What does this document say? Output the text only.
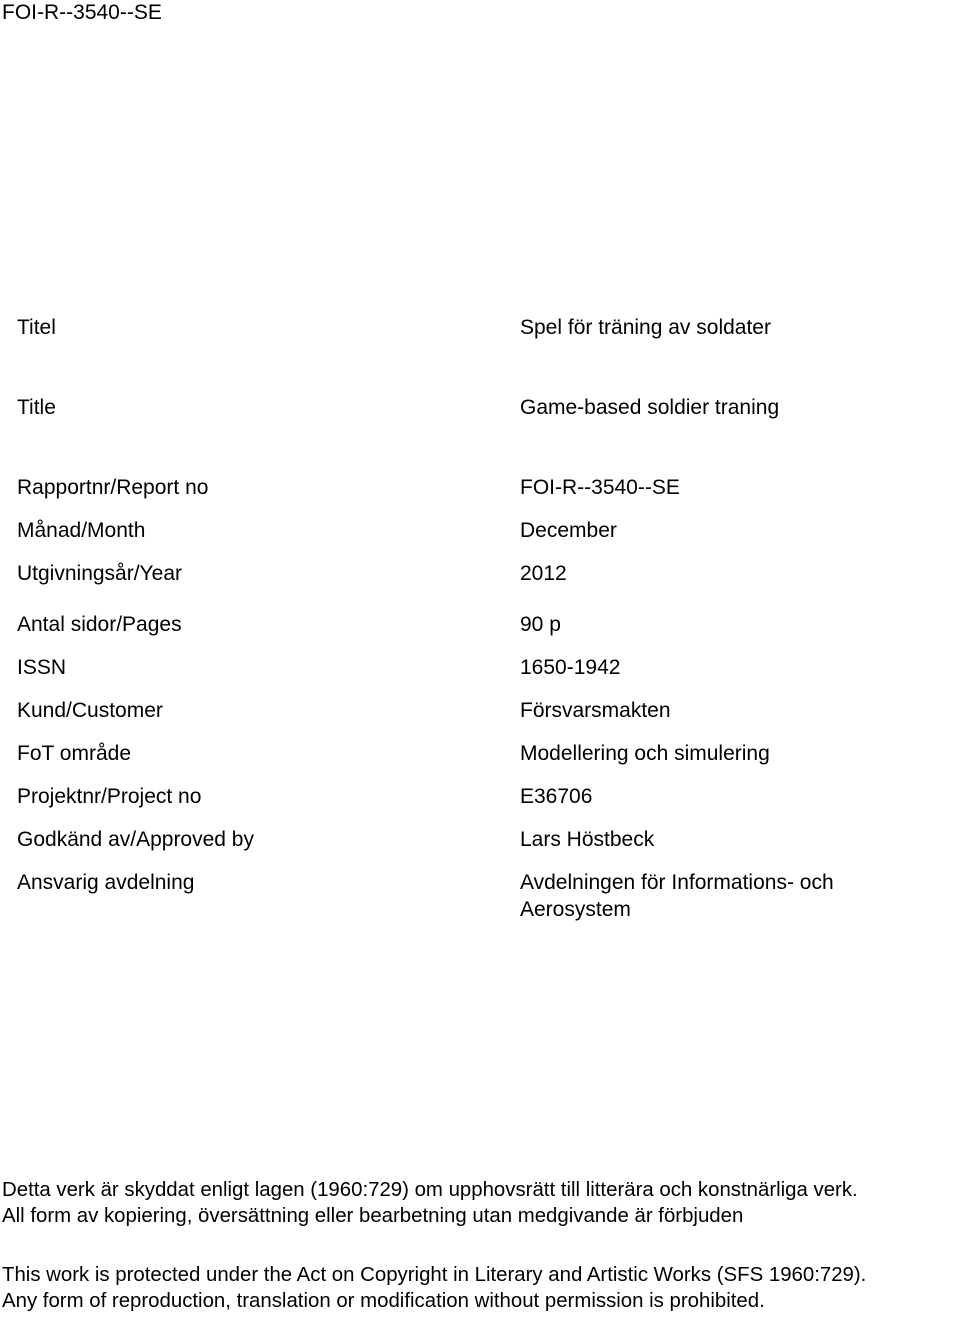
FOI-R--3540--SE
Titel	Spel för träning av soldater
Title	Game-based soldier traning
Rapportnr/Report no	FOI-R--3540--SE
Månad/Month	December
Utgivningsår/Year	2012
Antal sidor/Pages	90 p
ISSN	1650-1942
Kund/Customer	Försvarsmakten
FoT område	Modellering och simulering
Projektnr/Project no	E36706
Godkänd av/Approved by	Lars Höstbeck
Ansvarig avdelning	Avdelningen för Informations- och Aerosystem
Detta verk är skyddat enligt lagen (1960:729) om upphovsrätt till litterära och konstnärliga verk.
All form av kopiering, översättning eller bearbetning utan medgivande är förbjuden
This work is protected under the Act on Copyright in Literary and Artistic Works (SFS 1960:729).
Any form of reproduction, translation or modification without permission is prohibited.
